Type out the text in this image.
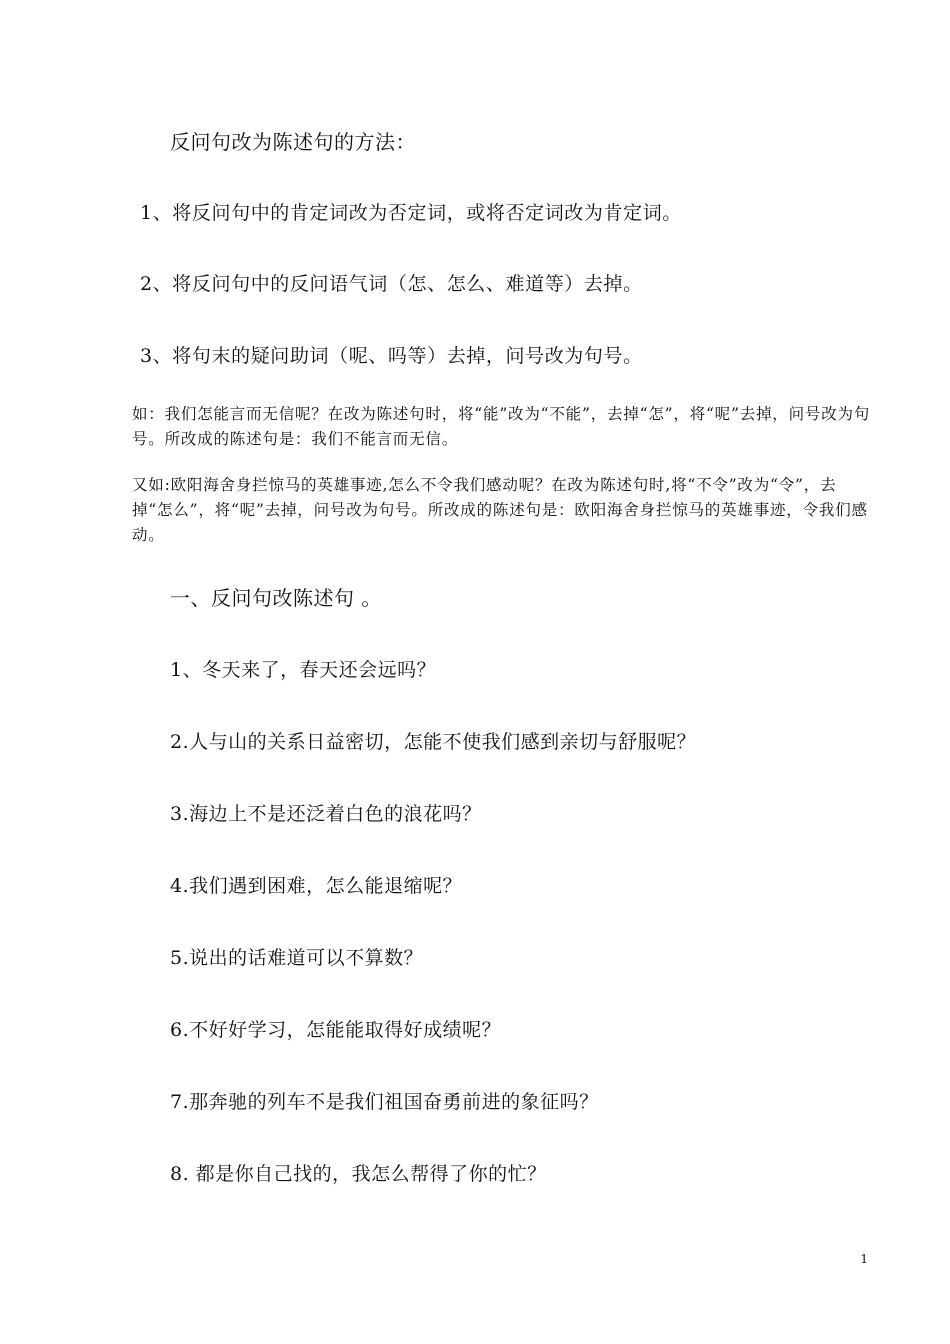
反问句改为陈述句的方法：
1、将反问句中的肯定词改为否定词，或将否定词改为肯定词。
2、将反问句中的反问语气词（怎、怎么、难道等）去掉。
3、将句末的疑问助词（呢、吗等）去掉，问号改为句号。

如：我们怎能言而无信呢？在改为陈述句时，将“能”改为“不能”，去掉“怎”，将“呢”去掉，问号改为句号。所改成的陈述句是：我们不能言而无信。

又如:欧阳海舍身拦惊马的英雄事迹,怎么不令我们感动呢？在改为陈述句时,将“不令”改为“令”，去掉“怎么”，将“呢”去掉，问号改为句号。所改成的陈述句是：欧阳海舍身拦惊马的英雄事迹，令我们感动。

一、反问句改陈述句 。
1、冬天来了，春天还会远吗？
2.人与山的关系日益密切，怎能不使我们感到亲切与舒服呢？
3.海边上不是还泛着白色的浪花吗？
4.我们遇到困难，怎么能退缩呢？
5.说出的话难道可以不算数？
6.不好好学习，怎能能取得好成绩呢？
7.那奔驰的列车不是我们祖国奋勇前进的象征吗？
8. 都是你自己找的，我怎么帮得了你的忙？
1
